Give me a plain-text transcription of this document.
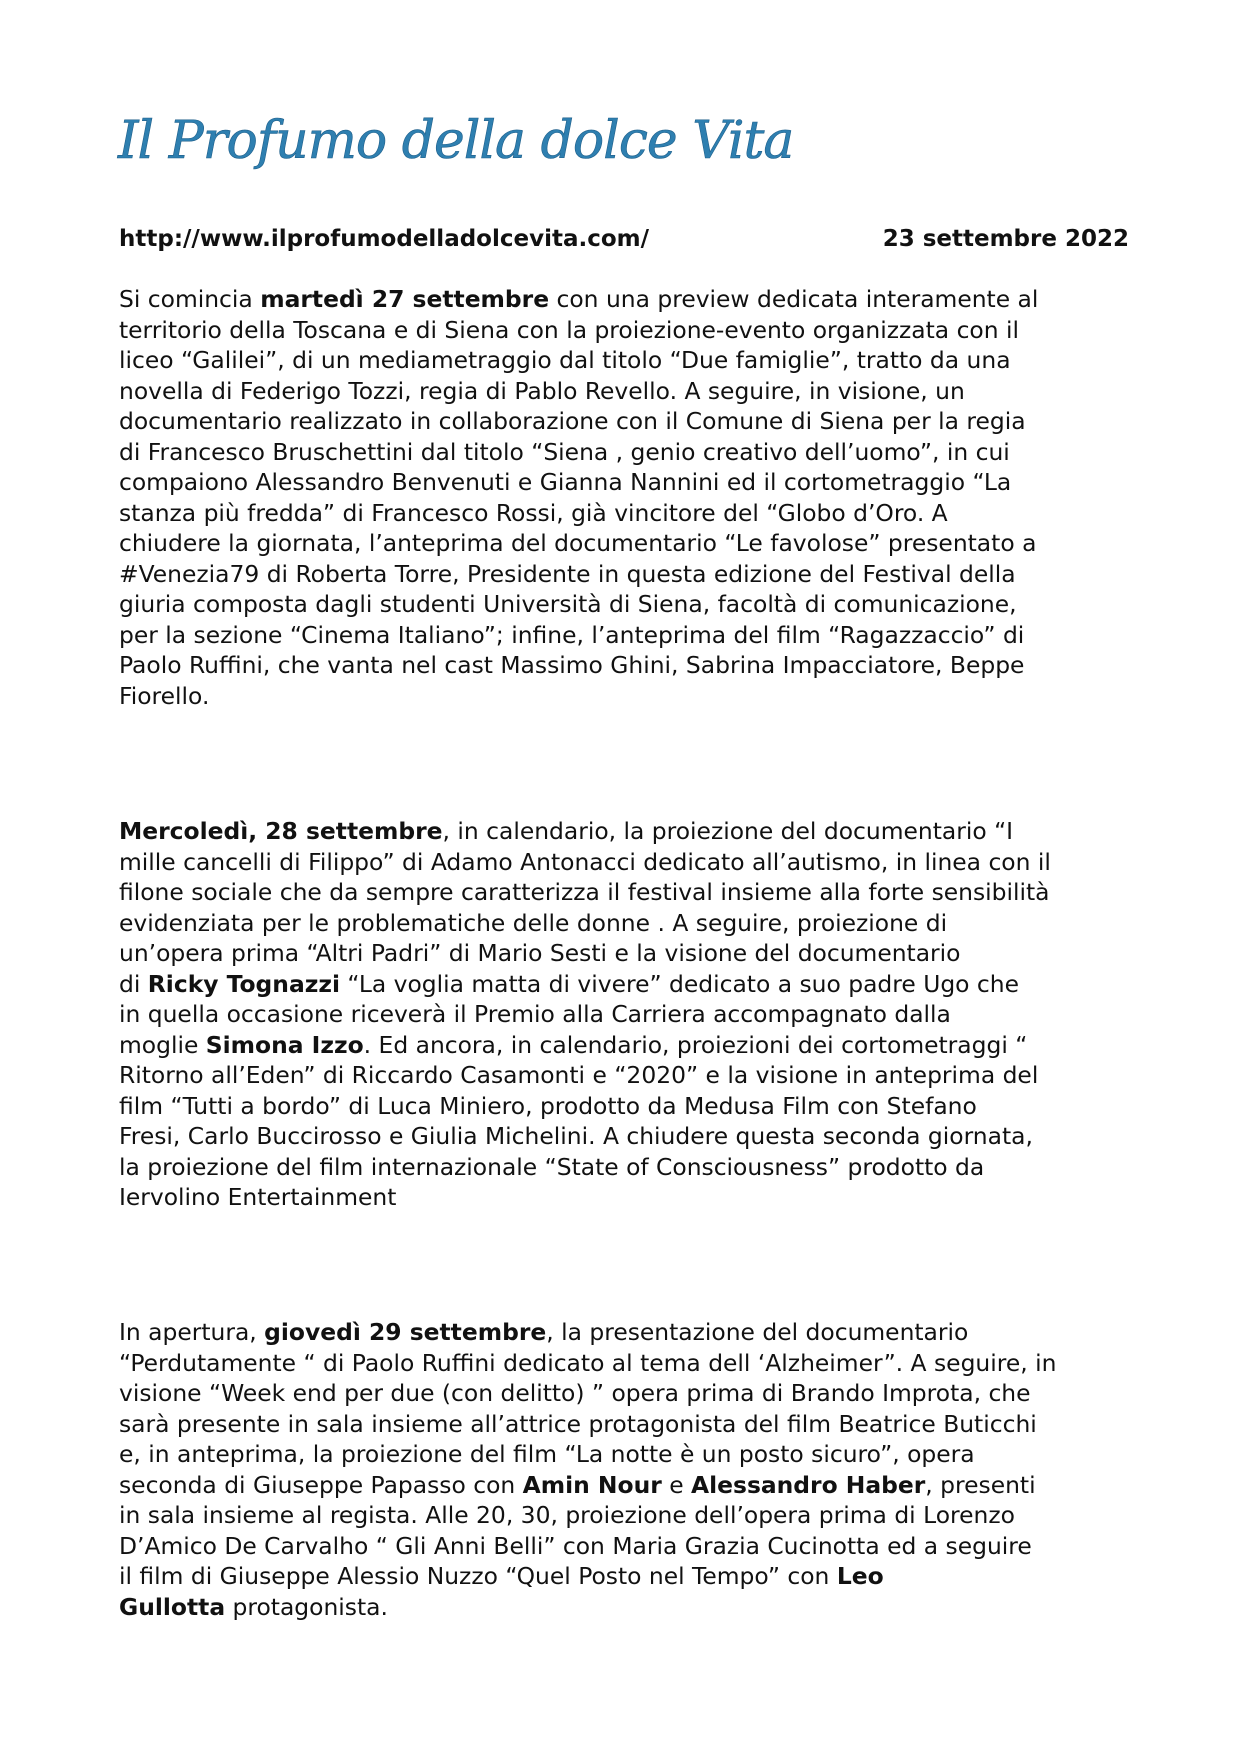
Il Profumo della dolce Vita
http://www.ilprofumodelladolcevita.com/	23 settembre 2022
Si comincia martedì 27 settembre con una preview dedicata interamente al
territorio della Toscana e di Siena con la proiezione-evento organizzata con il
liceo “Galilei”, di un mediametraggio dal titolo “Due famiglie”, tratto da una
novella di Federigo Tozzi, regia di Pablo Revello. A seguire, in visione, un
documentario realizzato in collaborazione con il Comune di Siena per la regia
di Francesco Bruschettini dal titolo “Siena , genio creativo dell’uomo”, in cui
compaiono Alessandro Benvenuti e Gianna Nannini ed il cortometraggio “La
stanza più fredda” di Francesco Rossi, già vincitore del “Globo d’Oro. A
chiudere la giornata, l’anteprima del documentario “Le favolose” presentato a
#Venezia79 di Roberta Torre, Presidente in questa edizione del Festival della
giuria composta dagli studenti Università di Siena, facoltà di comunicazione,
per la sezione “Cinema Italiano”; infine, l’anteprima del film “Ragazzaccio” di
Paolo Ruffini, che vanta nel cast Massimo Ghini, Sabrina Impacciatore, Beppe
Fiorello.
Mercoledì, 28 settembre, in calendario, la proiezione del documentario “I
mille cancelli di Filippo” di Adamo Antonacci dedicato all’autismo, in linea con il
filone sociale che da sempre caratterizza il festival insieme alla forte sensibilità
evidenziata per le problematiche delle donne . A seguire, proiezione di
un’opera prima “Altri Padri” di Mario Sesti e la visione del documentario
di Ricky Tognazzi “La voglia matta di vivere” dedicato a suo padre Ugo che
in quella occasione riceverà il Premio alla Carriera accompagnato dalla
moglie Simona Izzo. Ed ancora, in calendario, proiezioni dei cortometraggi “
Ritorno all’Eden” di Riccardo Casamonti e “2020” e la visione in anteprima del
film “Tutti a bordo” di Luca Miniero, prodotto da Medusa Film con Stefano
Fresi, Carlo Buccirosso e Giulia Michelini. A chiudere questa seconda giornata,
la proiezione del film internazionale “State of Consciousness” prodotto da
Iervolino Entertainment
In apertura, giovedì 29 settembre, la presentazione del documentario
“Perdutamente “ di Paolo Ruffini dedicato al tema dell ‘Alzheimer”. A seguire, in
visione “Week end per due (con delitto) ” opera prima di Brando Improta, che
sarà presente in sala insieme all’attrice protagonista del film Beatrice Buticchi
e, in anteprima, la proiezione del film “La notte è un posto sicuro”, opera
seconda di Giuseppe Papasso con Amin Nour e Alessandro Haber, presenti
in sala insieme al regista. Alle 20, 30, proiezione dell’opera prima di Lorenzo
D’Amico De Carvalho “ Gli Anni Belli” con Maria Grazia Cucinotta ed a seguire
il film di Giuseppe Alessio Nuzzo “Quel Posto nel Tempo” con Leo
Gullotta protagonista.
